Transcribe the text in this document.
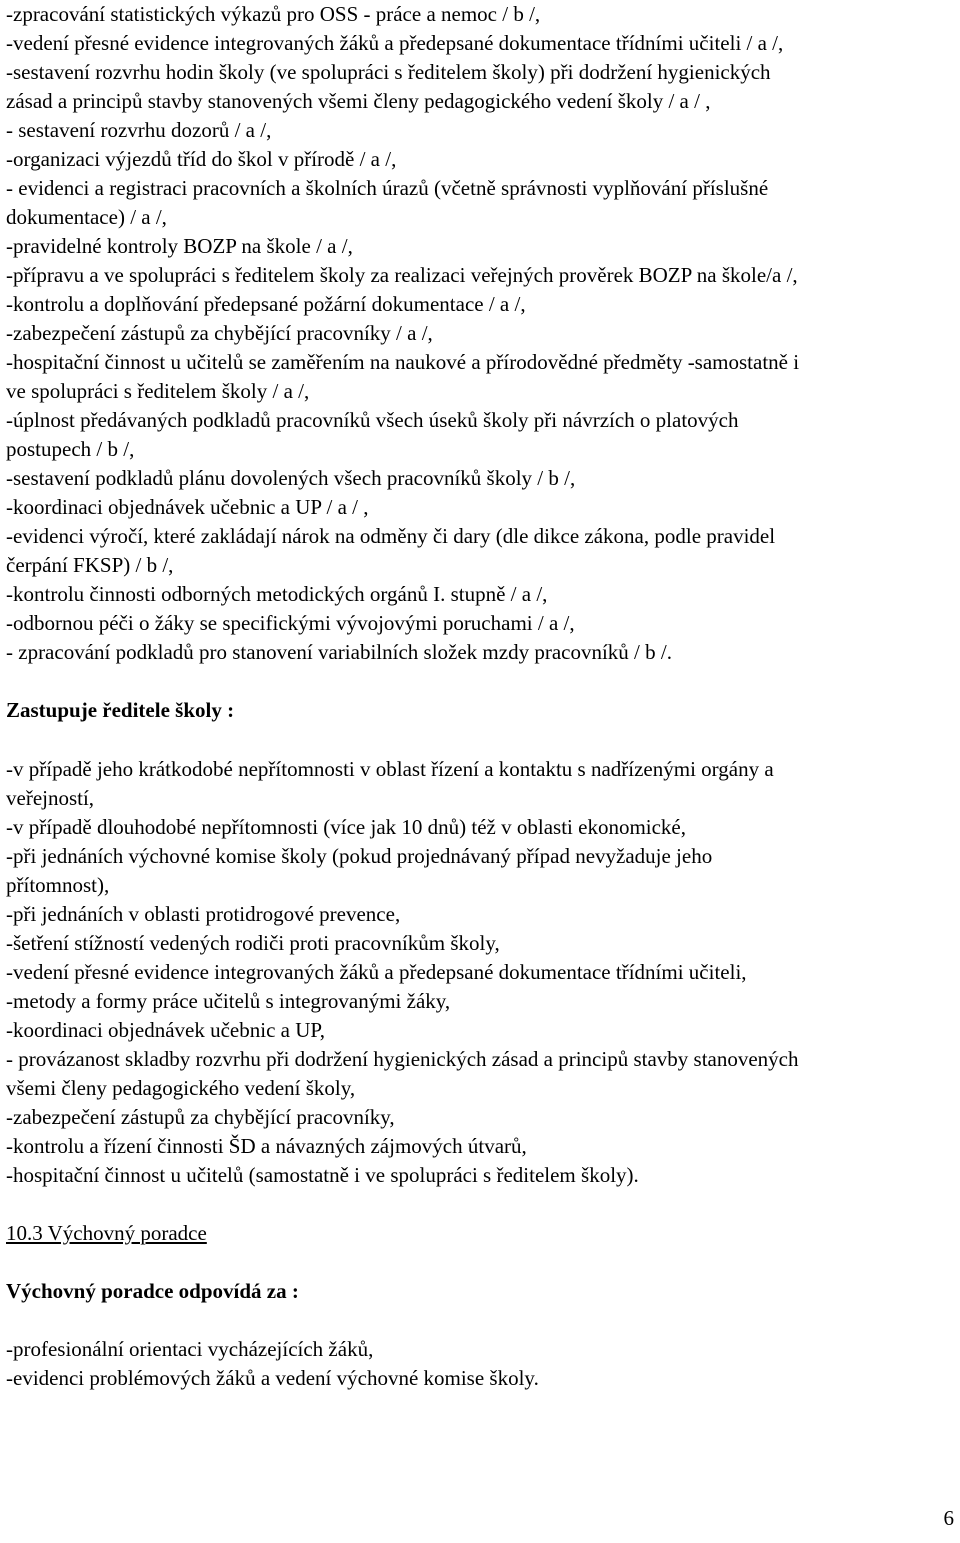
-zpracování statistických výkazů pro OSS - práce a nemoc / b /,

-vedení přesné evidence integrovaných žáků a předepsané dokumentace třídními učiteli / a /,

-sestavení rozvrhu hodin školy (ve spolupráci s ředitelem školy) při dodržení hygienických

zásad a principů stavby stanovených všemi členy pedagogického vedení školy / a / ,

- sestavení rozvrhu dozorů / a /,

-organizaci výjezdů tříd do škol v přírodě / a /,

- evidenci a registraci pracovních a školních úrazů (včetně správnosti vyplňování příslušné

dokumentace) / a /,

-pravidelné kontroly BOZP na škole / a /,

-přípravu a ve spolupráci s ředitelem školy za realizaci veřejných prověrek BOZP na škole/a /,

-kontrolu a doplňování předepsané požární dokumentace / a /,

-zabezpečení zástupů za chybějící pracovníky / a /,

-hospitační činnost u učitelů se zaměřením na naukové a přírodovědné předměty -samostatně i

ve spolupráci s ředitelem školy / a /,

-úplnost předávaných podkladů pracovníků všech úseků školy při návrzích o platových

postupech / b /,

-sestavení podkladů plánu dovolených všech pracovníků školy / b /,

-koordinaci objednávek učebnic a UP / a / ,

-evidenci výročí, které zakládají nárok na odměny či dary (dle dikce zákona, podle pravidel

čerpání FKSP) / b /,

-kontrolu činnosti odborných metodických orgánů I. stupně / a /,

-odbornou péči o žáky se specifickými vývojovými poruchami / a /,

- zpracování podkladů pro stanovení variabilních složek mzdy pracovníků / b /.

Zastupuje ředitele školy :

-v případě jeho krátkodobé nepřítomnosti v oblast řízení a kontaktu s nadřízenými orgány a

veřejností,

-v případě dlouhodobé nepřítomnosti (více jak 10 dnů) též v oblasti ekonomické,

-při jednáních výchovné komise školy (pokud projednávaný případ nevyžaduje jeho

přítomnost),

-při jednáních v oblasti protidrogové prevence,

-šetření stížností vedených rodiči proti pracovníkům školy,

-vedení přesné evidence integrovaných žáků a předepsané dokumentace třídními učiteli,

-metody a formy práce učitelů s integrovanými žáky,

-koordinaci objednávek učebnic a UP,

- provázanost skladby rozvrhu při dodržení hygienických zásad a principů stavby stanovených

všemi členy pedagogického vedení školy,

-zabezpečení zástupů za chybějící pracovníky,

-kontrolu a řízení činnosti ŠD a návazných zájmových útvarů,

-hospitační činnost u učitelů (samostatně i ve spolupráci s ředitelem školy).

10.3 Výchovný poradce

Výchovný poradce odpovídá za :

-profesionální orientaci vycházejících žáků,

-evidenci problémových žáků a vedení výchovné komise školy.

6
